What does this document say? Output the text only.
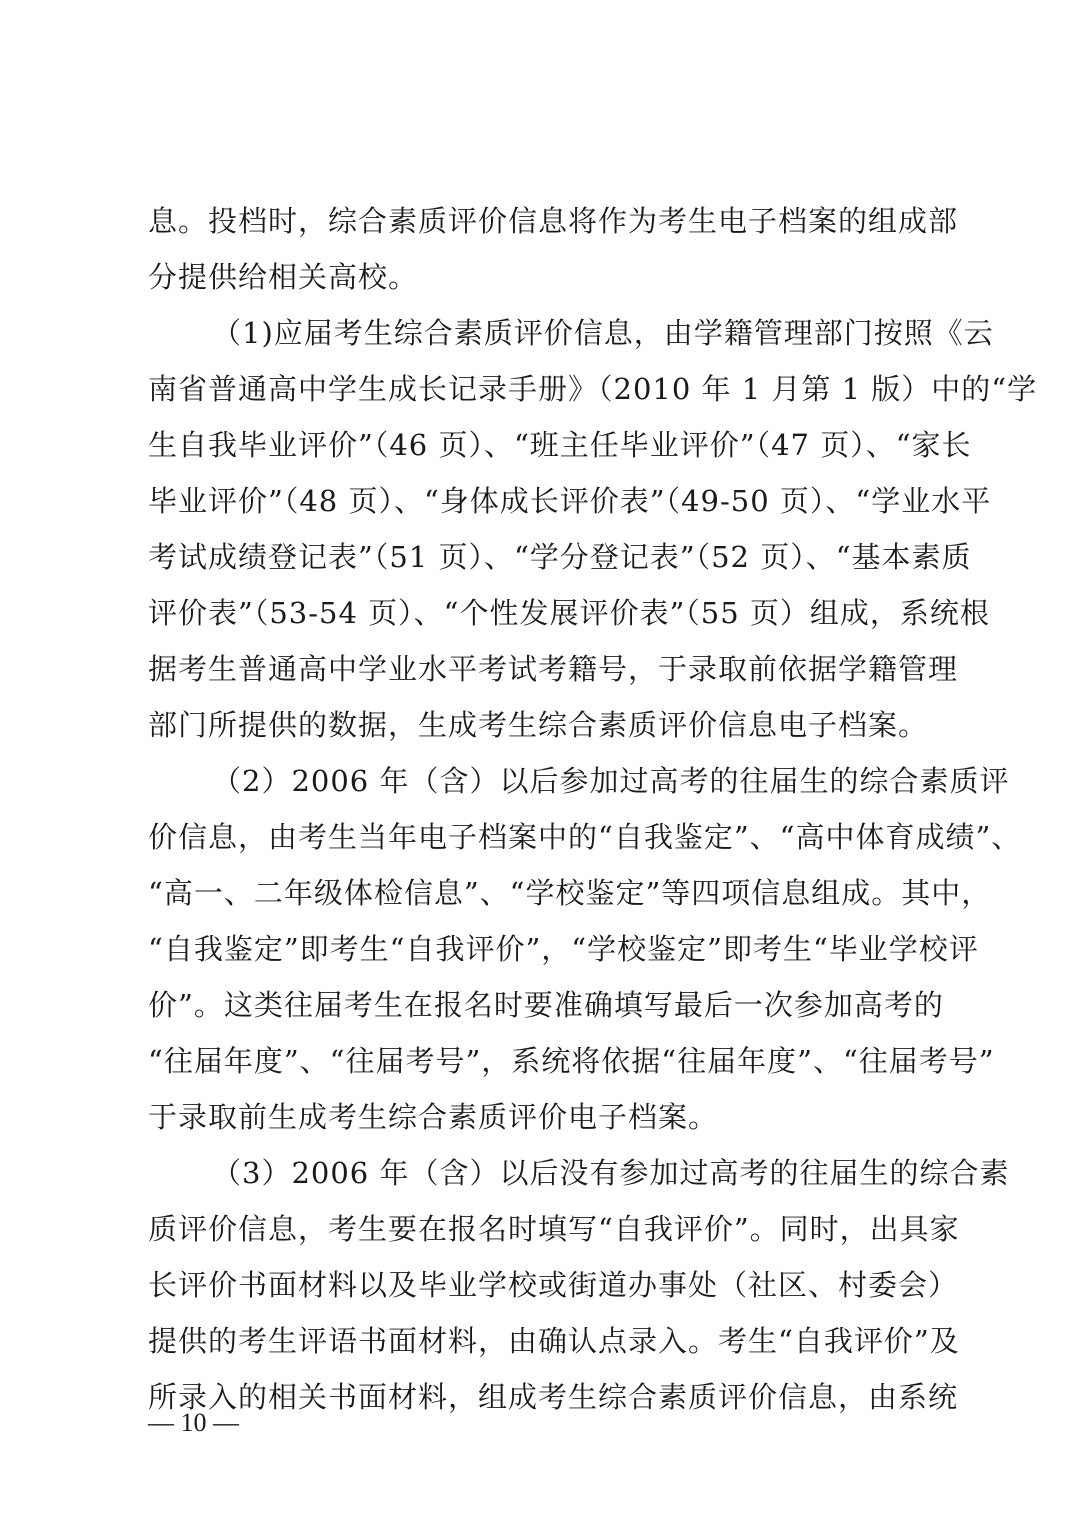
息。投档时，综合素质评价信息将作为考生电子档案的组成部
分提供给相关高校。
（1)应届考生综合素质评价信息，由学籍管理部门按照《云
南省普通高中学生成长记录手册》（2010 年 1 月第 1 版）中的“学
生自我毕业评价”（46 页）、“班主任毕业评价”（47 页）、“家长
毕业评价”（48 页）、“身体成长评价表”（49-50 页）、“学业水平
考试成绩登记表”（51 页）、“学分登记表”（52 页）、“基本素质
评价表”（53-54 页）、“个性发展评价表”（55 页）组成，系统根
据考生普通高中学业水平考试考籍号，于录取前依据学籍管理
部门所提供的数据，生成考生综合素质评价信息电子档案。
（2）2006 年（含）以后参加过高考的往届生的综合素质评
价信息，由考生当年电子档案中的“自我鉴定”、“高中体育成绩”、
“高一、二年级体检信息”、“学校鉴定”等四项信息组成。其中，
“自我鉴定”即考生“自我评价”，“学校鉴定”即考生“毕业学校评
价”。这类往届考生在报名时要准确填写最后一次参加高考的
“往届年度”、“往届考号”，系统将依据“往届年度”、“往届考号”
于录取前生成考生综合素质评价电子档案。
（3）2006 年（含）以后没有参加过高考的往届生的综合素
质评价信息，考生要在报名时填写“自我评价”。同时，出具家
长评价书面材料以及毕业学校或街道办事处（社区、村委会）
提供的考生评语书面材料，由确认点录入。考生“自我评价”及
所录入的相关书面材料，组成考生综合素质评价信息，由系统
— 10 —
